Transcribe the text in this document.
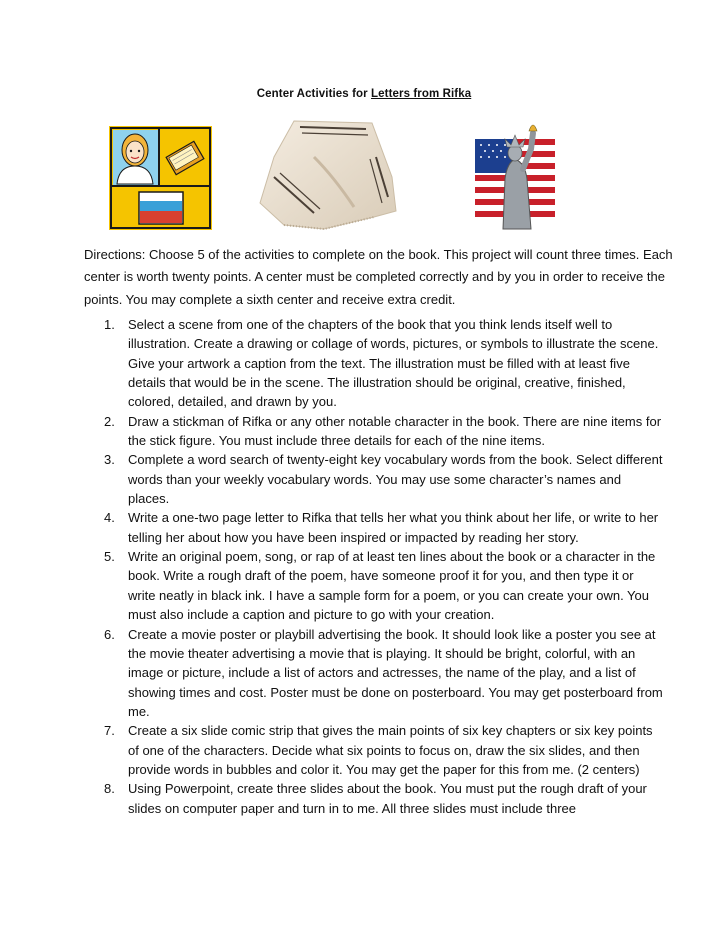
Center Activities for Letters from Rifka
Directions: Choose 5 of the activities to complete on the book. This project will count three times. Each center is worth twenty points. A center must be completed correctly and by you in order to receive the points. You may complete a sixth center and receive extra credit.
1. Select a scene from one of the chapters of the book that you think lends itself well to illustration. Create a drawing or collage of words, pictures, or symbols to illustrate the scene. Give your artwork a caption from the text. The illustration must be filled with at least five details that would be in the scene. The illustration should be original, creative, finished, colored, detailed, and drawn by you.
2. Draw a stickman of Rifka or any other notable character in the book. There are nine items for the stick figure. You must include three details for each of the nine items.
3. Complete a word search of twenty-eight key vocabulary words from the book. Select different words than your weekly vocabulary words. You may use some character’s names and places.
4. Write a one-two page letter to Rifka that tells her what you think about her life, or write to her telling her about how you have been inspired or impacted by reading her story.
5. Write an original poem, song, or rap of at least ten lines about the book or a character in the book. Write a rough draft of the poem, have someone proof it for you, and then type it or write neatly in black ink. I have a sample form for a poem, or you can create your own. You must also include a caption and picture to go with your creation.
6. Create a movie poster or playbill advertising the book. It should look like a poster you see at the movie theater advertising a movie that is playing. It should be bright, colorful, with an image or picture, include a list of actors and actresses, the name of the play, and a list of showing times and cost. Poster must be done on posterboard. You may get posterboard from me.
7. Create a six slide comic strip that gives the main points of six key chapters or six key points of one of the characters. Decide what six points to focus on, draw the six slides, and then provide words in bubbles and color it. You may get the paper for this from me. (2 centers)
8. Using Powerpoint, create three slides about the book. You must put the rough draft of your slides on computer paper and turn in to me. All three slides must include three
